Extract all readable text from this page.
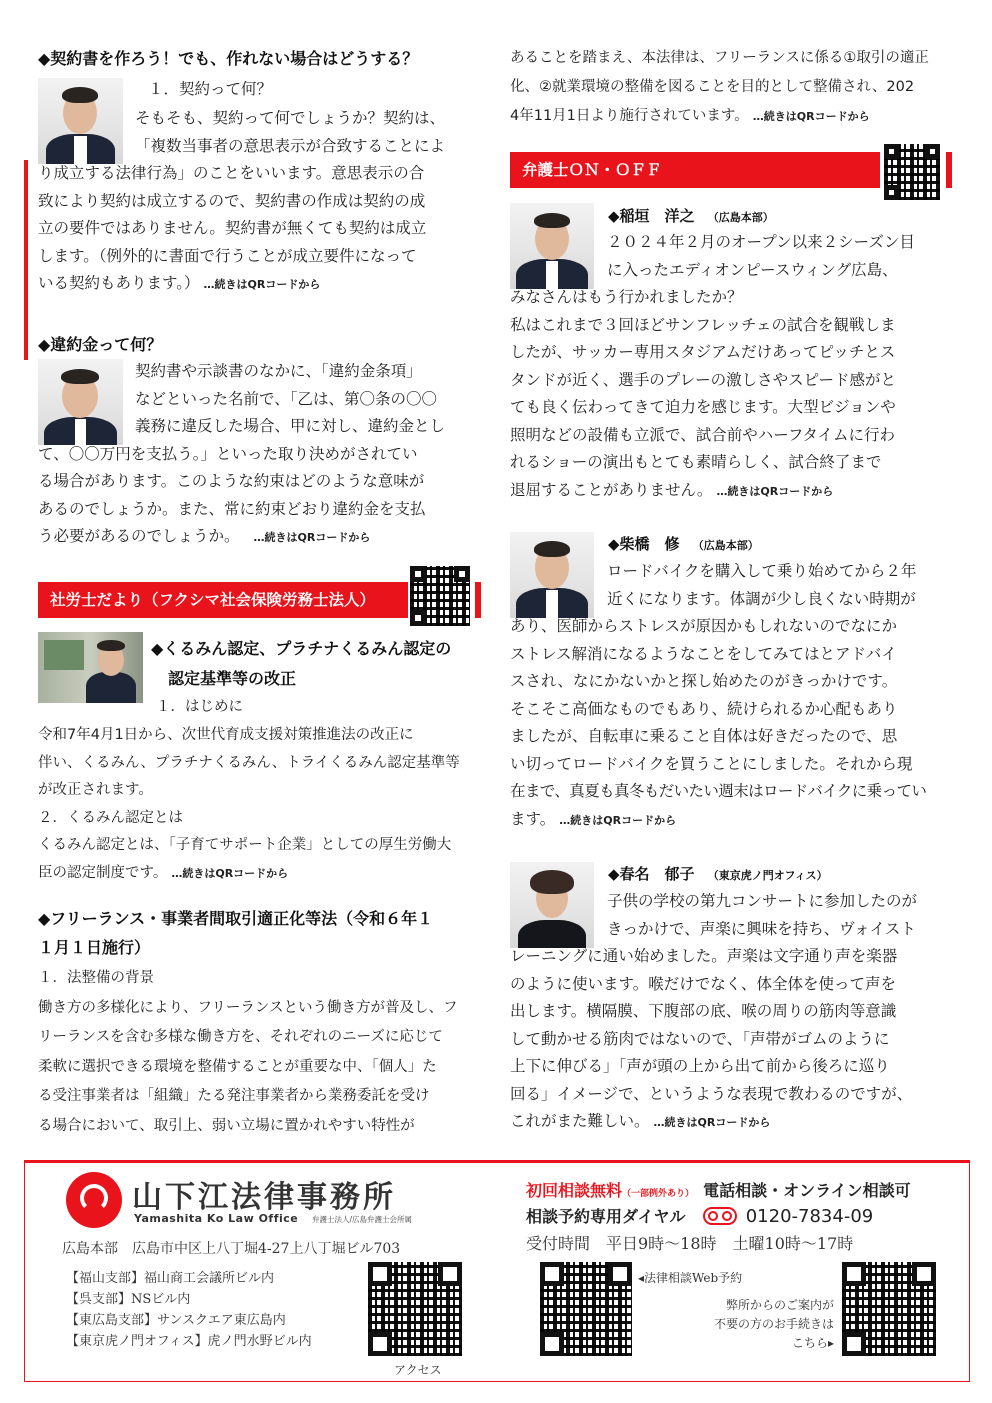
◆契約書を作ろう！でも、作れない場合はどうする？
１．契約って何？
そもそも、契約って何でしょうか？契約は、
「複数当事者の意思表示が合致することによ
り成立する法律行為」のことをいいます。意思表示の合
致により契約は成立するので、契約書の作成は契約の成
立の要件ではありません。契約書が無くても契約は成立
します。（例外的に書面で行うことが成立要件になって
いる契約もあります。） …続きはQRコードから
◆違約金って何？
契約書や示談書のなかに、「違約金条項」
などといった名前で、「乙は、第〇条の〇〇
義務に違反した場合、甲に対し、違約金とし
て、〇〇万円を支払う。」といった取り決めがされてい
る場合があります。このような約束はどのような意味が
あるのでしょうか。また、常に約束どおり違約金を支払
う必要があるのでしょうか。 …続きはQRコードから
社労士だより（フクシマ社会保険労務士法人）
◆くるみん認定、プラチナくるみん認定の
認定基準等の改正
１．はじめに
令和7年4月1日から、次世代育成支援対策推進法の改正に
伴い、くるみん、プラチナくるみん、トライくるみん認定基準等
が改正されます。
２．くるみん認定とは
くるみん認定とは、「子育てサポート企業」としての厚生労働大
臣の認定制度です。 …続きはQRコードから
◆フリーランス・事業者間取引適正化等法（令和６年１
１月１日施行）
１．法整備の背景
働き方の多様化により、フリーランスという働き方が普及し、フ
リーランスを含む多様な働き方を、それぞれのニーズに応じて
柔軟に選択できる環境を整備することが重要な中、「個人」た
る受注事業者は「組織」たる発注事業者から業務委託を受け
る場合において、取引上、弱い立場に置かれやすい特性が
あることを踏まえ、本法律は、フリーランスに係る①取引の適正
化、②就業環境の整備を図ることを目的として整備され、202
4年11月1日より施行されています。 …続きはQRコードから
弁護士ＯＮ・ＯＦＦ
◆稲垣　洋之 （広島本部）
２０２４年２月のオープン以来２シーズン目
に入ったエディオンピースウィング広島、
みなさんはもう行かれましたか？
私はこれまで３回ほどサンフレッチェの試合を観戦しま
したが、サッカー専用スタジアムだけあってピッチとス
タンドが近く、選手のプレーの激しさやスピード感がと
ても良く伝わってきて迫力を感じます。大型ビジョンや
照明などの設備も立派で、試合前やハーフタイムに行わ
れるショーの演出もとても素晴らしく、試合終了まで
退屈することがありません。 …続きはQRコードから
◆柴橋　修 （広島本部）
ロードバイクを購入して乗り始めてから２年
近くになります。体調が少し良くない時期が
あり、医師からストレスが原因かもしれないのでなにか
ストレス解消になるようなことをしてみてはとアドバイ
スされ、なにかないかと探し始めたのがきっかけです。
そこそこ高価なものでもあり、続けられるか心配もあり
ましたが、自転車に乗ること自体は好きだったので、思
い切ってロードバイクを買うことにしました。それから現
在まで、真夏も真冬もだいたい週末はロードバイクに乗ってい
ます。 …続きはQRコードから
◆春名　郁子 （東京虎ノ門オフィス）
子供の学校の第九コンサートに参加したのが
きっかけで、声楽に興味を持ち、ヴォイスト
レーニングに通い始めました。声楽は文字通り声を楽器
のように使います。喉だけでなく、体全体を使って声を
出します。横隔膜、下腹部の底、喉の周りの筋肉等意識
して動かせる筋肉ではないので、「声帯がゴムのように
上下に伸びる」「声が頭の上から出て前から後ろに巡り
回る」イメージで、というような表現で教わるのですが、
これがまた難しい。 …続きはQRコードから
山下江法律事務所
Yamashita Ko Law Office 弁護士法人/広島弁護士会所属
広島本部　広島市中区上八丁堀4-27上八丁堀ビル703
【福山支部】福山商工会議所ビル内
【呉支部】NSビル内
【東広島支部】サンスクエア東広島内
【東京虎ノ門オフィス】虎ノ門水野ビル内
アクセス
初回相談無料（一部例外あり） 電話相談・オンライン相談可
相談予約専用ダイヤル	0120-7834-09
受付時間　平日9時～18時　土曜10時～17時
◂法律相談Web予約
弊所からのご案内が
不要の方のお手続きは
こちら▸
